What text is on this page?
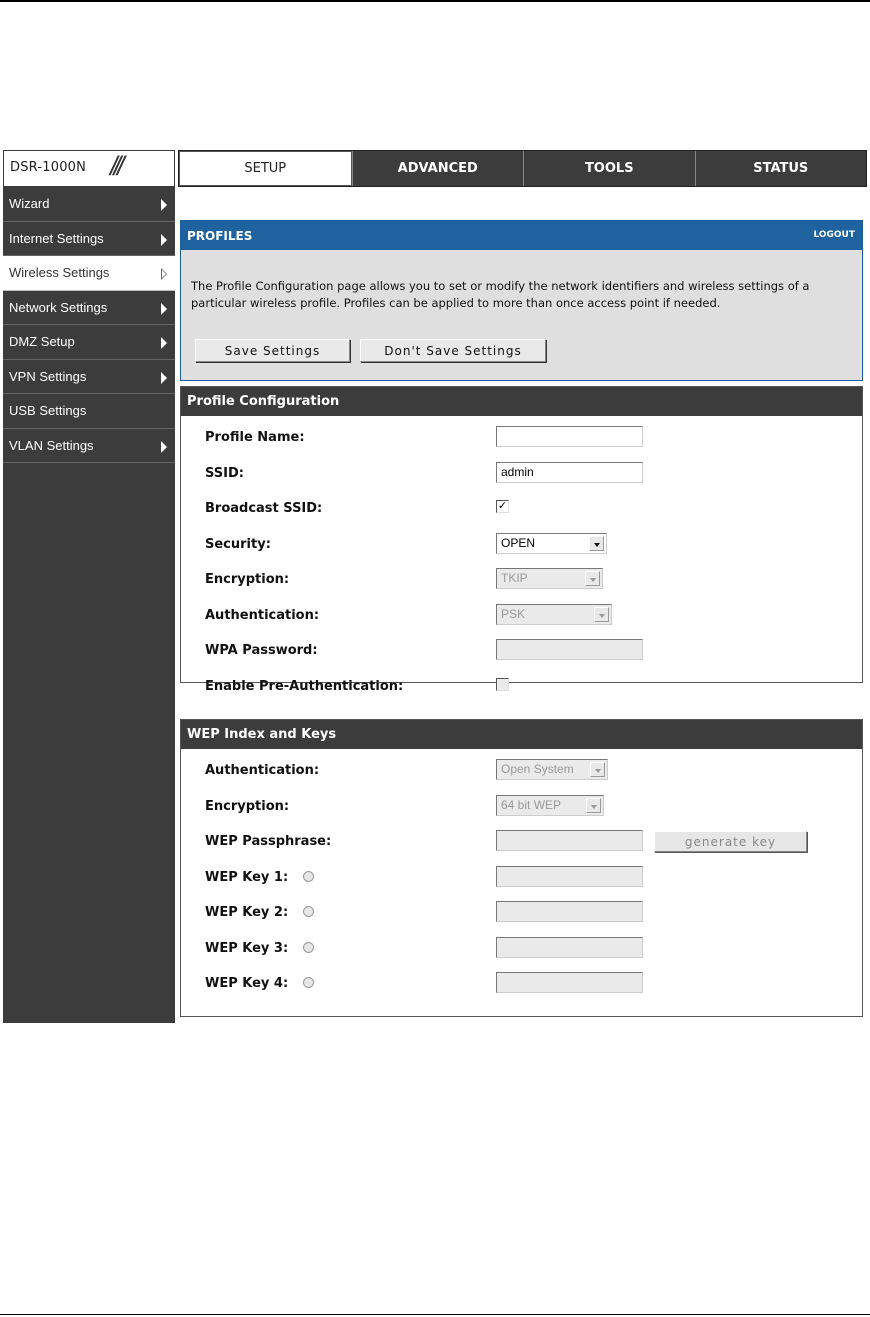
DSR-1000N ///	SETUP	ADVANCED	TOOLS	STATUS
Wizard
Internet Settings
Wireless Settings
Network Settings
DMZ Setup
VPN Settings
USB Settings
VLAN Settings
PROFILES	LOGOUT
The Profile Configuration page allows you to set or modify the network identifiers and wireless settings of a particular wireless profile. Profiles can be applied to more than once access point if needed.
Save Settings	Don't Save Settings
Profile Configuration
Profile Name:
SSID:	admin
Broadcast SSID:	✓
Security:	OPEN
Encryption:	TKIP
Authentication:	PSK
WPA Password:
Enable Pre-Authentication:
WEP Index and Keys
Authentication:	Open System
Encryption:	64 bit WEP
WEP Passphrase:	generate key
WEP Key 1:
WEP Key 2:
WEP Key 3:
WEP Key 4:
